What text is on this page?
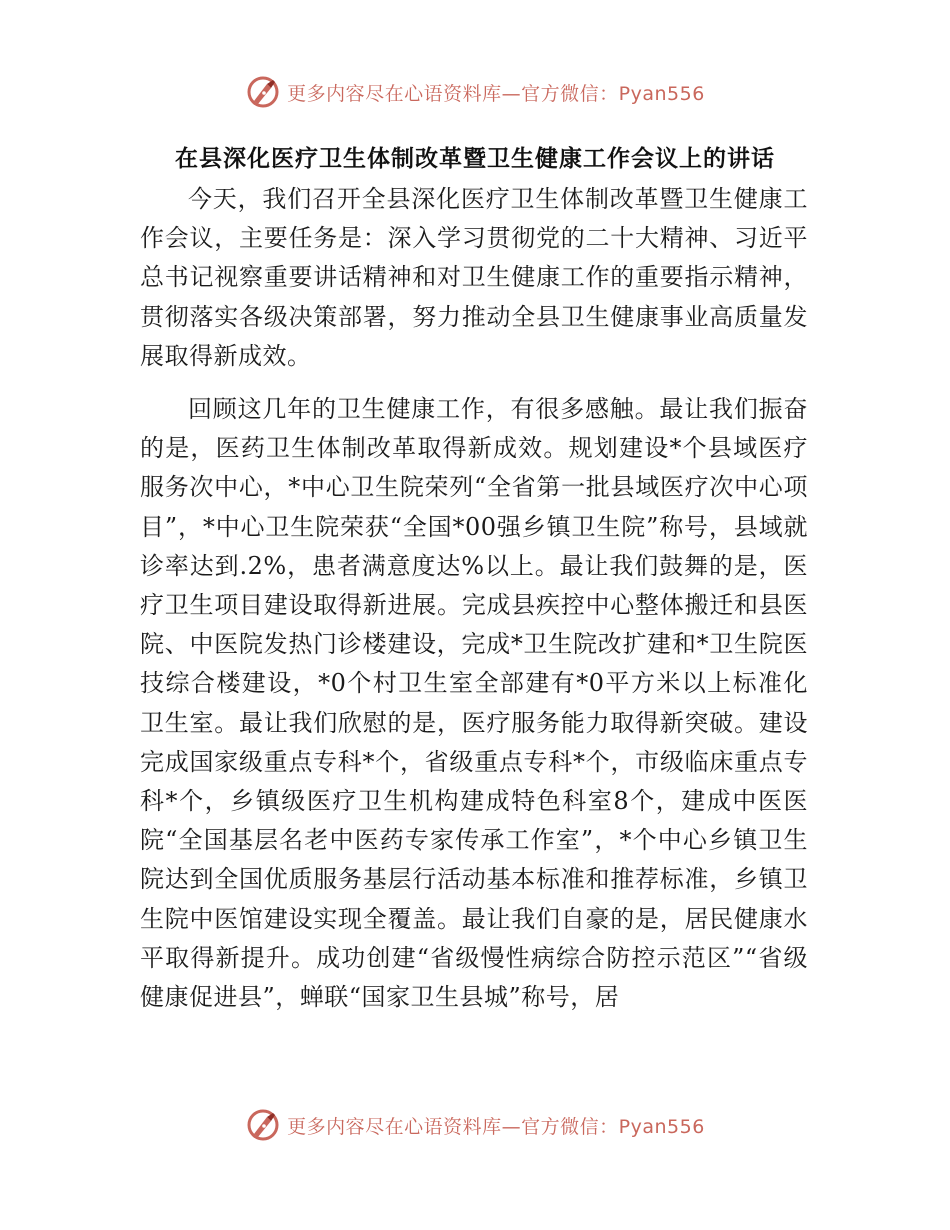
更多内容尽在心语资料库—官方微信：Pyan556
在县深化医疗卫生体制改革暨卫生健康工作会议上的讲话

今天，我们召开全县深化医疗卫生体制改革暨卫生健康工作会议，主要任务是：深入学习贯彻党的二十大精神、习近平总书记视察重要讲话精神和对卫生健康工作的重要指示精神，贯彻落实各级决策部署，努力推动全县卫生健康事业高质量发展取得新成效。

回顾这几年的卫生健康工作，有很多感触。最让我们振奋的是，医药卫生体制改革取得新成效。规划建设*个县域医疗服务次中心，*中心卫生院荣列“全省第一批县域医疗次中心项目”，*中心卫生院荣获“全国*00强乡镇卫生院”称号，县域就诊率达到.2%，患者满意度达%以上。最让我们鼓舞的是，医疗卫生项目建设取得新进展。完成县疾控中心整体搬迁和县医院、中医院发热门诊楼建设，完成*卫生院改扩建和*卫生院医技综合楼建设，*0个村卫生室全部建有*0平方米以上标准化卫生室。最让我们欣慰的是，医疗服务能力取得新突破。建设完成国家级重点专科*个，省级重点专科*个，市级临床重点专科*个，乡镇级医疗卫生机构建成特色科室8个，建成中医医院“全国基层名老中医药专家传承工作室”，*个中心乡镇卫生院达到全国优质服务基层行活动基本标准和推荐标准，乡镇卫生院中医馆建设实现全覆盖。最让我们自豪的是，居民健康水平取得新提升。成功创建“省级慢性病综合防控示范区”“省级健康促进县”，蝉联“国家卫生县城”称号，居

更多内容尽在心语资料库—官方微信：Pyan556
